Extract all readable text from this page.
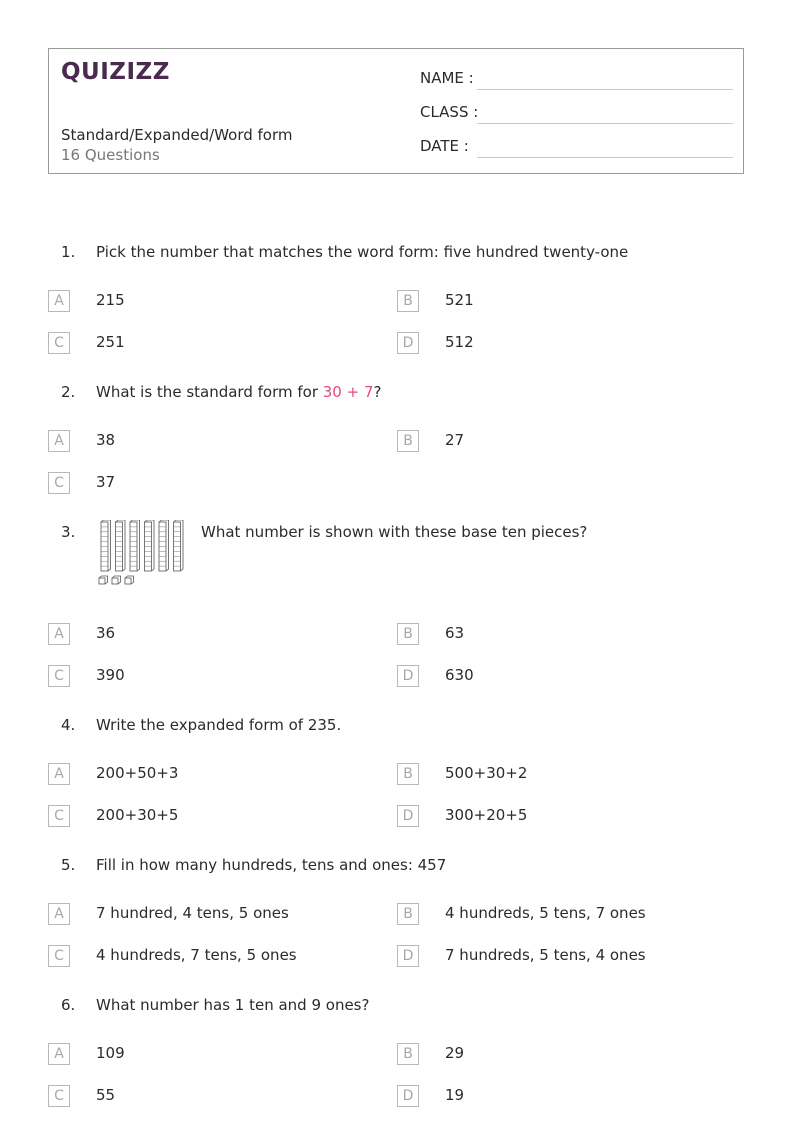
QUIZIZZ
Standard/Expanded/Word form
16 Questions
NAME :
CLASS :
DATE :
1. Pick the number that matches the word form: five hundred twenty-one
A	215	B	521
C	251	D	512
2. What is the standard form for 30 + 7?
A	38	B	27
C	37
3.	What number is shown with these base ten pieces?
A	36	B	63
C	390	D	630
4. Write the expanded form of 235.
A	200+50+3	B	500+30+2
C	200+30+5	D	300+20+5
5. Fill in how many hundreds, tens and ones: 457
A	7 hundred, 4 tens, 5 ones	B	4 hundreds, 5 tens, 7 ones
C	4 hundreds, 7 tens, 5 ones	D	7 hundreds, 5 tens, 4 ones
6. What number has 1 ten and 9 ones?
A	109	B	29
C	55	D	19
